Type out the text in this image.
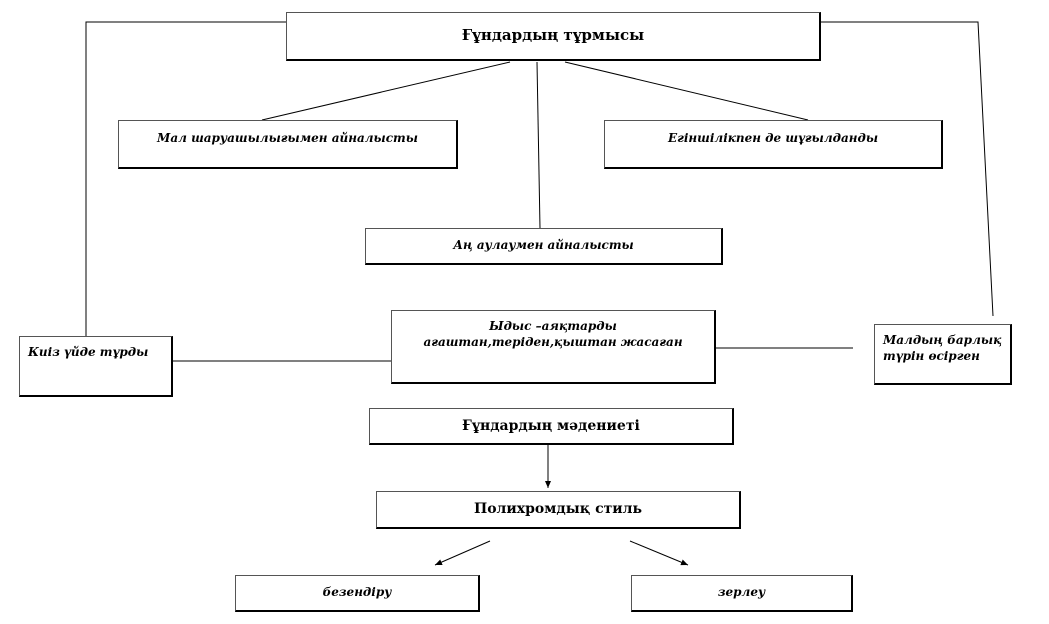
Ғұндардың тұрмысы
Мал шаруашылығымен айналысты	Егіншілікпен де шұғылданды
Аң аулаумен айналысты
Киіз үйде тұрды
Ыдыс –аяқтарды ағаштан,теріден,қыштан жасаған	Малдың барлық түрін өсірген
Ғұндардың мәдениеті
Полихромдық стиль
безендіру	зерлеу
